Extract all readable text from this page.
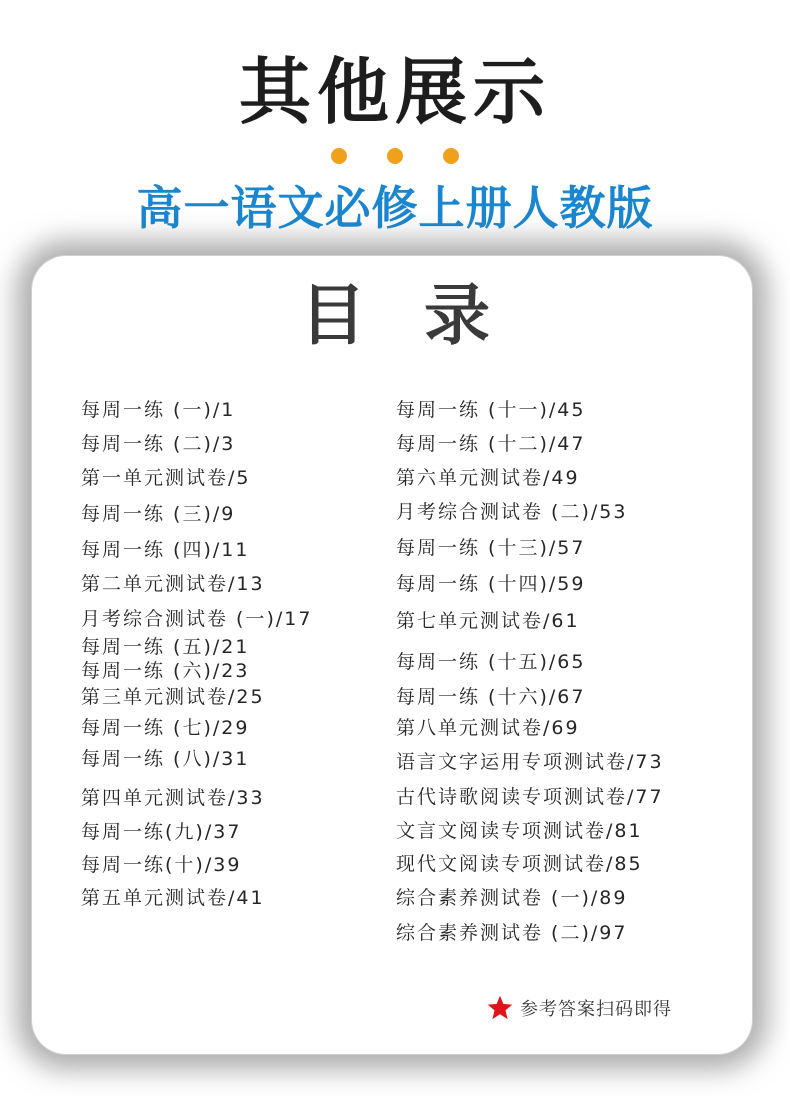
其他展示
高一语文必修上册人教版
目录
每周一练 (一)/1
每周一练 (二)/3
第一单元测试卷/5
每周一练 (三)/9
每周一练 (四)/11
第二单元测试卷/13
月考综合测试卷 (一)/17
每周一练 (五)/21
每周一练 (六)/23
第三单元测试卷/25
每周一练 (七)/29
每周一练 (八)/31
第四单元测试卷/33
每周一练(九)/37
每周一练(十)/39
第五单元测试卷/41
每周一练 (十一)/45
每周一练 (十二)/47
第六单元测试卷/49
月考综合测试卷 (二)/53
每周一练 (十三)/57
每周一练 (十四)/59
第七单元测试卷/61
每周一练 (十五)/65
每周一练 (十六)/67
第八单元测试卷/69
语言文字运用专项测试卷/73
古代诗歌阅读专项测试卷/77
文言文阅读专项测试卷/81
现代文阅读专项测试卷/85
综合素养测试卷 (一)/89
综合素养测试卷 (二)/97
参考答案扫码即得
